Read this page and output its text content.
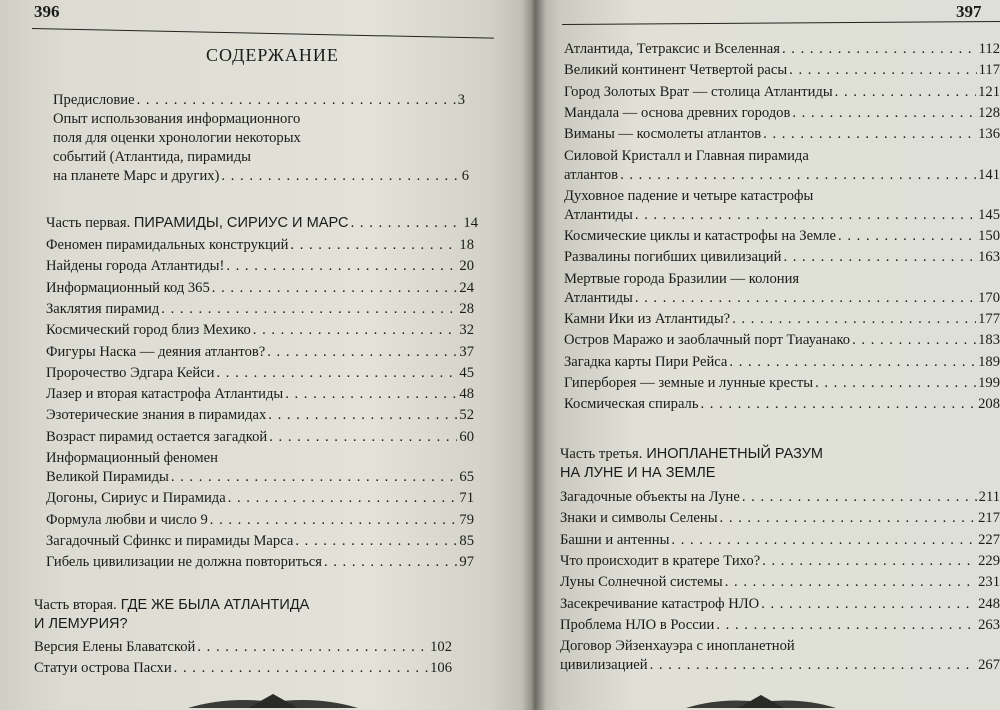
396
СОДЕРЖАНИЕ
Предисловие . . .	3
Опыт использования информационного
поля для оценки хронологии некоторых
событий (Атлантида, пирамиды
на планете Марс и других) . . .	6
Часть первая. ПИРАМИДЫ, СИРИУС И МАРС . . .	14
Феномен пирамидальных конструкций . . .	18
Найдены города Атлантиды! . . .	20
Информационный код 365 . . .	24
Заклятия пирамид . . .	28
Космический город близ Мехико . . .	32
Фигуры Наска — деяния атлантов? . . .	37
Пророчество Эдгара Кейси . . .	45
Лазер и вторая катастрофа Атлантиды . . .	48
Эзотерические знания в пирамидах . . .	52
Возраст пирамид остается загадкой . . .	60
Информационный феномен
Великой Пирамиды . . .	65
Догоны, Сириус и Пирамида . . .	71
Формула любви и число 9 . . .	79
Загадочный Сфинкс и пирамиды Марса . . .	85
Гибель цивилизации не должна повториться . . .	97
Часть вторая. ГДЕ ЖЕ БЫЛА АТЛАНТИДА
И ЛЕМУРИЯ?
Версия Елены Блаватской . . .	102
Статуи острова Пасхи . . .	106
397
Атлантида, Тетраксис и Вселенная . . .	112
Великий континент Четвертой расы . . .	117
Город Золотых Врат — столица Атлантиды . . .	121
Мандала — основа древних городов . . .	128
Виманы — космолеты атлантов . . .	136
Силовой Кристалл и Главная пирамида
атлантов . . .	141
Духовное падение и четыре катастрофы
Атлантиды . . .	145
Космические циклы и катастрофы на Земле . . .	150
Развалины погибших цивилизаций . . .	163
Мертвые города Бразилии — колония
Атлантиды . . .	170
Камни Ики из Атлантиды? . . .	177
Остров Маражо и заоблачный порт Тиауанако . . .	183
Загадка карты Пири Рейса . . .	189
Гиперборея — земные и лунные кресты . . .	199
Космическая спираль . . .	208
Часть третья. ИНОПЛАНЕТНЫЙ РАЗУМ
НА ЛУНЕ И НА ЗЕМЛЕ
Загадочные объекты на Луне . . .	211
Знаки и символы Селены . . .	217
Башни и антенны . . .	227
Что происходит в кратере Тихо? . . .	229
Луны Солнечной системы . . .	231
Засекречивание катастроф НЛО . . .	248
Проблема НЛО в России . . .	263
Договор Эйзенхауэра с инопланетной
цивилизацией . . .	267
